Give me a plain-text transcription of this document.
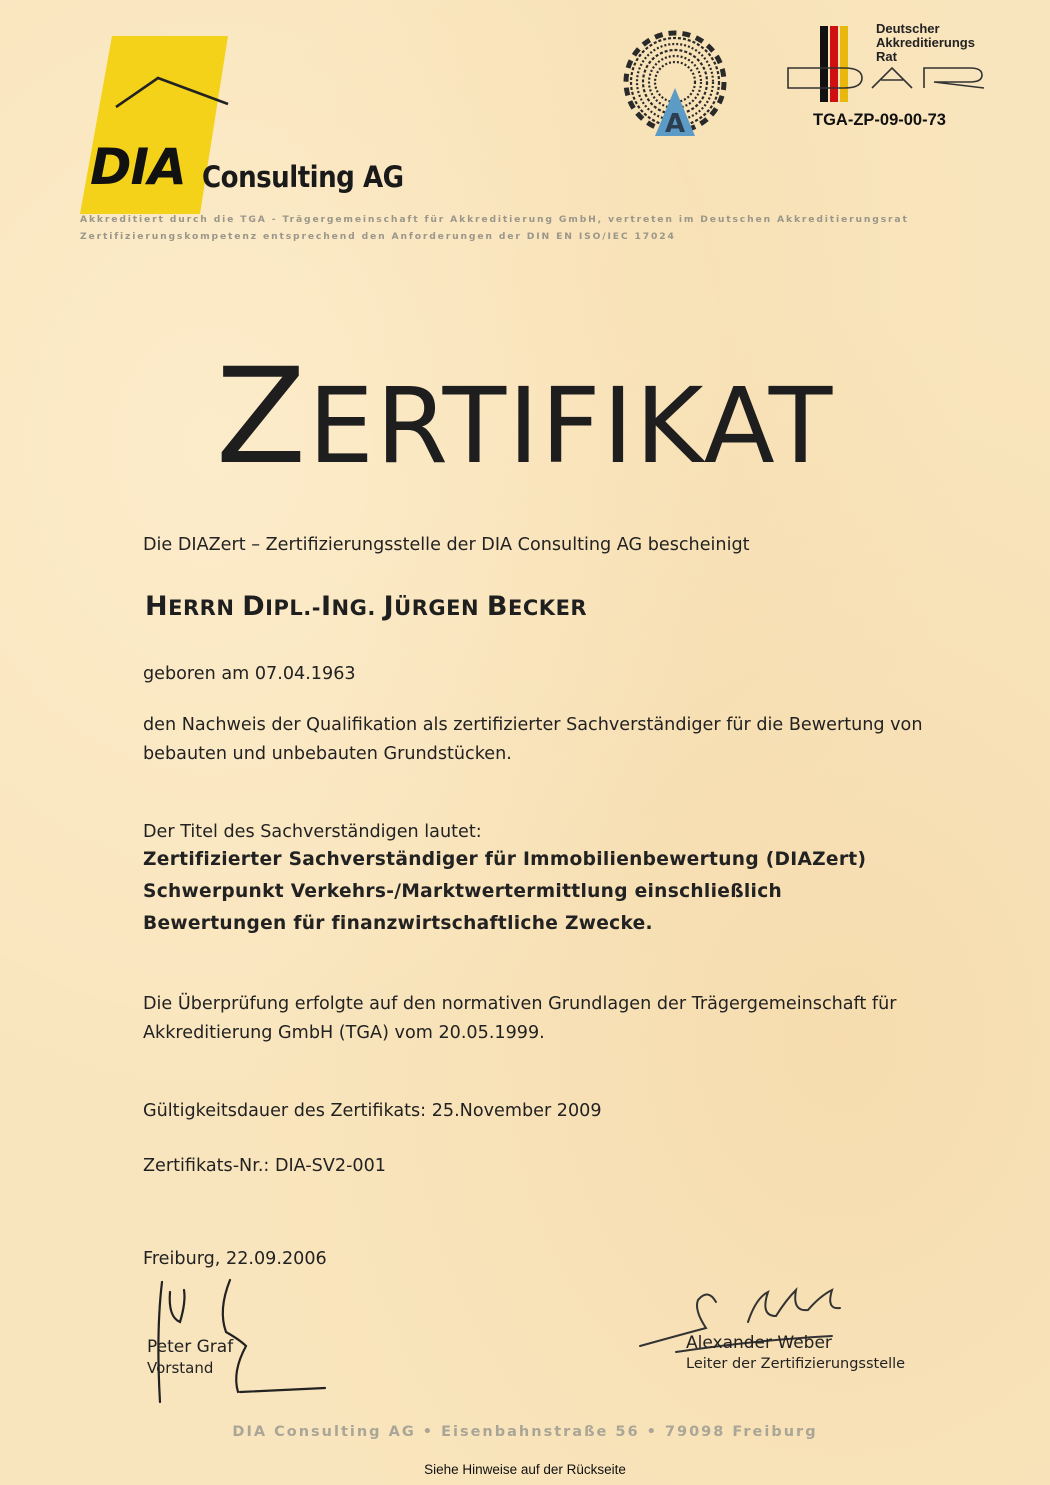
DIA Consulting AG
Akkreditiert durch die TGA - Trägergemeinschaft für Akkreditierung GmbH, vertreten im Deutschen Akkreditierungsrat
Zertifizierungskompetenz entsprechend den Anforderungen der DIN EN ISO/IEC 17024
A
Deutscher
Akkreditierungs
Rat
TGA-ZP-09-00-73
ZERTIFIKAT
Die DIAZert – Zertifizierungsstelle der DIA Consulting AG bescheinigt
HERRN DIPL.-ING. JÜRGEN BECKER
geboren am 07.04.1963
den Nachweis der Qualifikation als zertifizierter Sachverständiger für die Bewertung von
bebauten und unbebauten Grundstücken.
Der Titel des Sachverständigen lautet:
Zertifizierter Sachverständiger für Immobilienbewertung (DIAZert)
Schwerpunkt Verkehrs-/Marktwertermittlung einschließlich
Bewertungen für finanzwirtschaftliche Zwecke.
Die Überprüfung erfolgte auf den normativen Grundlagen der Trägergemeinschaft für
Akkreditierung GmbH (TGA) vom 20.05.1999.
Gültigkeitsdauer des Zertifikats: 25.November 2009
Zertifikats-Nr.: DIA-SV2-001
Freiburg, 22.09.2006
Peter Graf
Vorstand
Alexander Weber
Leiter der Zertifizierungsstelle
DIA Consulting AG • Eisenbahnstraße 56 • 79098 Freiburg
Siehe Hinweise auf der Rückseite
